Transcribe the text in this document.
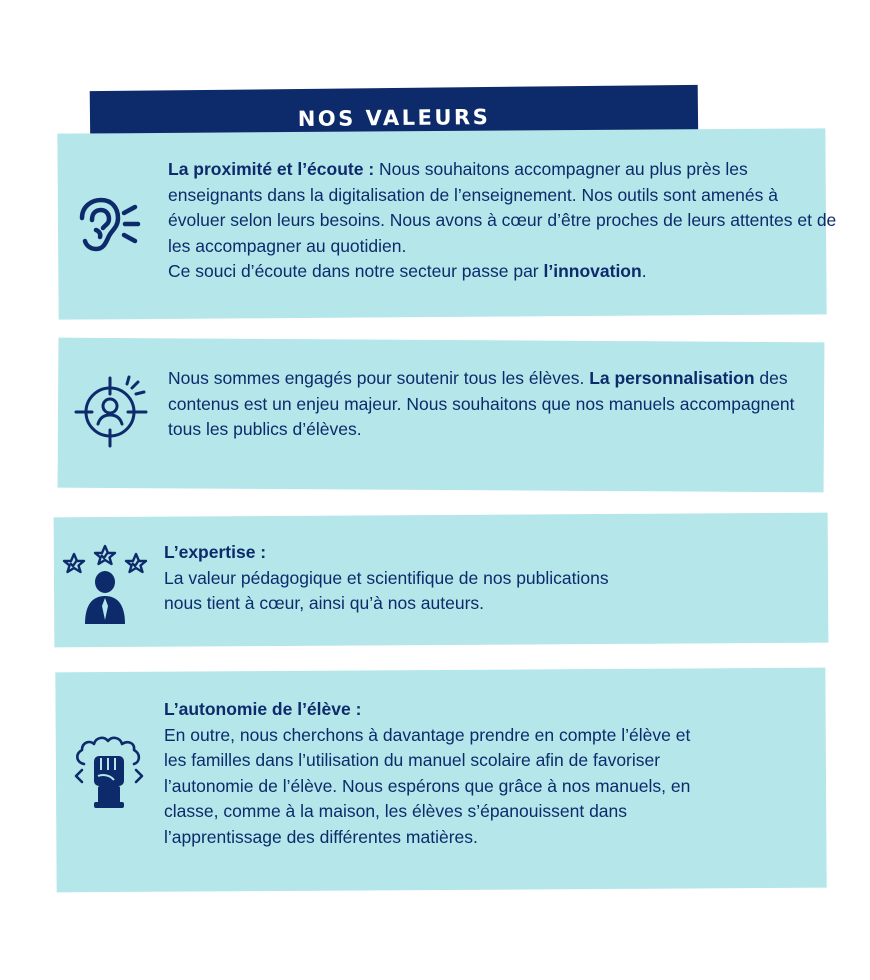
NOS VALEURS
La proximité et l’écoute : Nous souhaitons accompagner au plus près les enseignants dans la digitalisation de l’enseignement. Nos outils sont amenés à évoluer selon leurs besoins. Nous avons à cœur d’être proches de leurs attentes et de les accompagner au quotidien.
Ce souci d’écoute dans notre secteur passe par l’innovation.
Nous sommes engagés pour soutenir tous les élèves. La personnalisation des contenus est un enjeu majeur. Nous souhaitons que nos manuels accompagnent tous les publics d’élèves.
L’expertise :
La valeur pédagogique et scientifique de nos publications
nous tient à cœur, ainsi qu’à nos auteurs.
L’autonomie de l’élève :
En outre, nous cherchons à davantage prendre en compte l’élève et
les familles dans l’utilisation du manuel scolaire afin de favoriser
l’autonomie de l’élève. Nous espérons que grâce à nos manuels, en
classe, comme à la maison, les élèves s’épanouissent dans
l’apprentissage des différentes matières.
